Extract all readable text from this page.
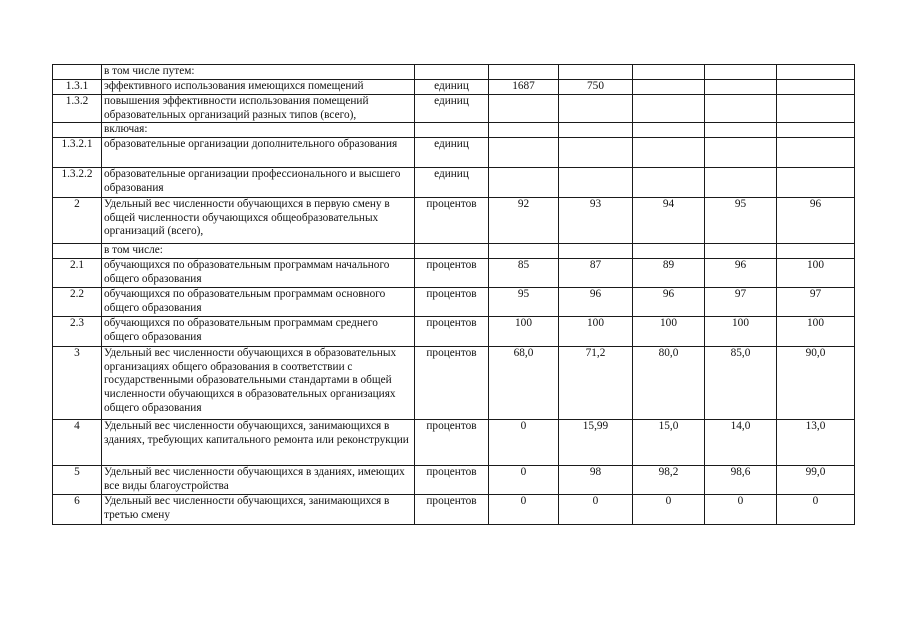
	в том числе путем:						
1.3.1	эффективного использования имеющихся помещений	единиц	1687	750			
1.3.2	повышения эффективности использования помещений образовательных организаций разных типов (всего),	единиц					
	включая:						
1.3.2.1	образовательные организации дополнительного образования	единиц					
1.3.2.2	образовательные организации профессионального и высшего образования	единиц					
2	Удельный вес численности обучающихся в первую смену в общей численности обучающихся общеобразовательных организаций (всего),	процентов	92	93	94	95	96
	в том числе:						
2.1	обучающихся по образовательным программам начального общего образования	процентов	85	87	89	96	100
2.2	обучающихся по образовательным программам основного общего образования	процентов	95	96	96	97	97
2.3	обучающихся по образовательным программам среднего общего образования	процентов	100	100	100	100	100
3	Удельный вес численности обучающихся в образовательных организациях общего образования в соответствии с государственными образовательными стандартами в общей численности обучающихся в образовательных организациях общего образования	процентов	68,0	71,2	80,0	85,0	90,0
4	Удельный вес численности обучающихся, занимающихся в зданиях, требующих капитального ремонта или реконструкции	процентов	0	15,99	15,0	14,0	13,0
5	Удельный вес численности обучающихся в зданиях, имеющих все виды благоустройства	процентов	0	98	98,2	98,6	99,0
6	Удельный вес численности обучающихся, занимающихся в третью смену	процентов	0	0	0	0	0
